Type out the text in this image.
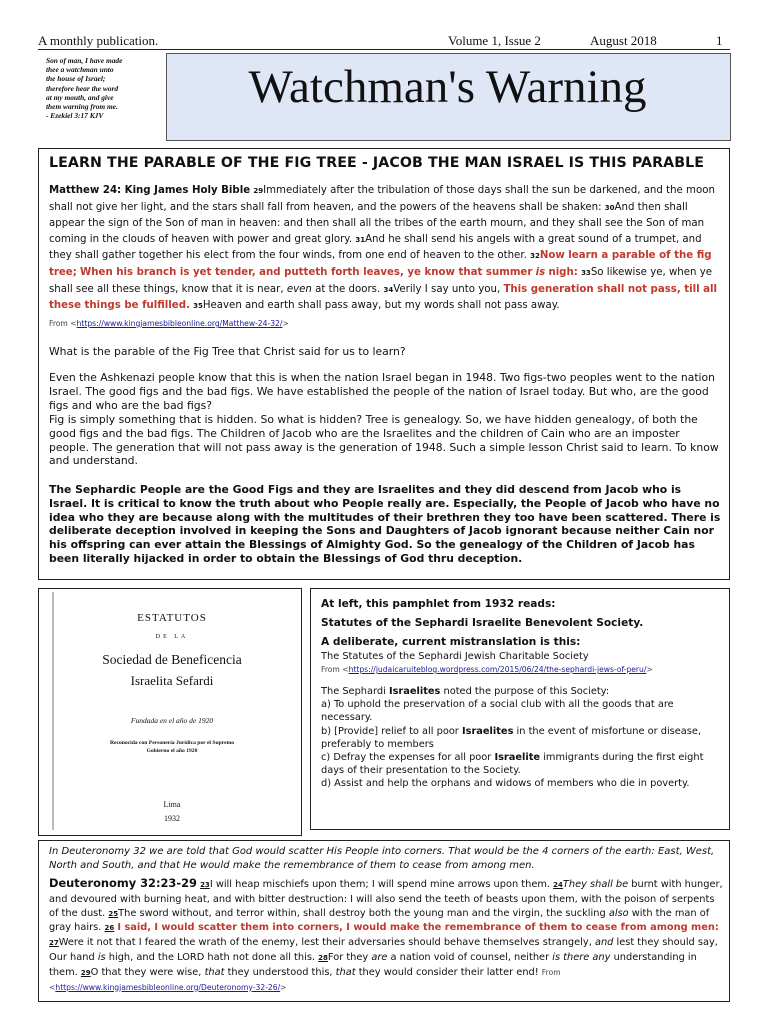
A monthly publication.	Volume 1, Issue 2	August 2018	1
Son of man, I have made
thee a watchman unto
the house of Israel;
therefore hear the word
at my mouth, and give
them warning from me.
- Ezekiel 3:17 KJV
Watchman's Warning
LEARN THE PARABLE OF THE FIG TREE - JACOB THE MAN ISRAEL IS THIS PARABLE
Matthew 24: King James Holy Bible 29Immediately after the tribulation of those days shall the sun be darkened, and the moon shall not give her light, and the stars shall fall from heaven, and the powers of the heavens shall be shaken: 30And then shall appear the sign of the Son of man in heaven: and then shall all the tribes of the earth mourn, and they shall see the Son of man coming in the clouds of heaven with power and great glory. 31And he shall send his angels with a great sound of a trumpet, and they shall gather together his elect from the four winds, from one end of heaven to the other. 32Now learn a parable of the fig tree; When his branch is yet tender, and putteth forth leaves, ye know that summer is nigh: 33So likewise ye, when ye shall see all these things, know that it is near, even at the doors. 34Verily I say unto you, This generation shall not pass, till all these things be fulfilled. 35Heaven and earth shall pass away, but my words shall not pass away.
From <https://www.kingjamesbibleonline.org/Matthew-24-32/>
What is the parable of the Fig Tree that Christ said for us to learn?
Even the Ashkenazi people know that this is when the nation Israel began in 1948. Two figs-two peoples went to the nation Israel. The good figs and the bad figs. We have established the people of the nation of Israel today. But who, are the good figs and who are the bad figs?
Fig is simply something that is hidden. So what is hidden? Tree is genealogy. So, we have hidden genealogy, of both the good figs and the bad figs. The Children of Jacob who are the Israelites and the children of Cain who are an imposter people. The generation that will not pass away is the generation of 1948. Such a simple lesson Christ said to learn. To know and understand.
The Sephardic People are the Good Figs and they are Israelites and they did descend from Jacob who is Israel. It is critical to know the truth about who People really are. Especially, the People of Jacob who have no idea who they are because along with the multitudes of their brethren they too have been scattered. There is deliberate deception involved in keeping the Sons and Daughters of Jacob ignorant because neither Cain nor his offspring can ever attain the Blessings of Almighty God. So the genealogy of the Children of Jacob has been literally hijacked in order to obtain the Blessings of God thru deception.
ESTATUTOS
DE LA
Sociedad de Beneficencia
Israelita Sefardi
Fundada en el año de 1920
Reconocida con Personería Jurídica por el Supremo
Gobierno el año 1928
Lima
1932
At left, this pamphlet from 1932 reads:
Statutes of the Sephardi Israelite Benevolent Society.
A deliberate, current mistranslation is this:
The Statutes of the Sephardi Jewish Charitable Society
From <https://judaicaruiteblog.wordpress.com/2015/06/24/the-sephardi-jews-of-peru/>
The Sephardi Israelites noted the purpose of this Society:
a) To uphold the preservation of a social club with all the goods that are necessary.
b) [Provide] relief to all poor Israelites in the event of misfortune or disease, preferably to members
c) Defray the expenses for all poor Israelite immigrants during the first eight days of their presentation to the Society.
d) Assist and help the orphans and widows of members who die in poverty.
In Deuteronomy 32 we are told that God would scatter His People into corners. That would be the 4 corners of the earth: East, West, North and South, and that He would make the remembrance of them to cease from among men.
Deuteronomy 32:23-29 23I will heap mischiefs upon them; I will spend mine arrows upon them. 24They shall be burnt with hunger, and devoured with burning heat, and with bitter destruction: I will also send the teeth of beasts upon them, with the poison of serpents of the dust. 25The sword without, and terror within, shall destroy both the young man and the virgin, the suckling also with the man of gray hairs. 26 I said, I would scatter them into corners, I would make the remembrance of them to cease from among men: 27Were it not that I feared the wrath of the enemy, lest their adversaries should behave themselves strangely, and lest they should say, Our hand is high, and the LORD hath not done all this. 28For they are a nation void of counsel, neither is there any understanding in them. 29O that they were wise, that they understood this, that they would consider their latter end! From <https://www.kingjamesbibleonline.org/Deuteronomy-32-26/>
